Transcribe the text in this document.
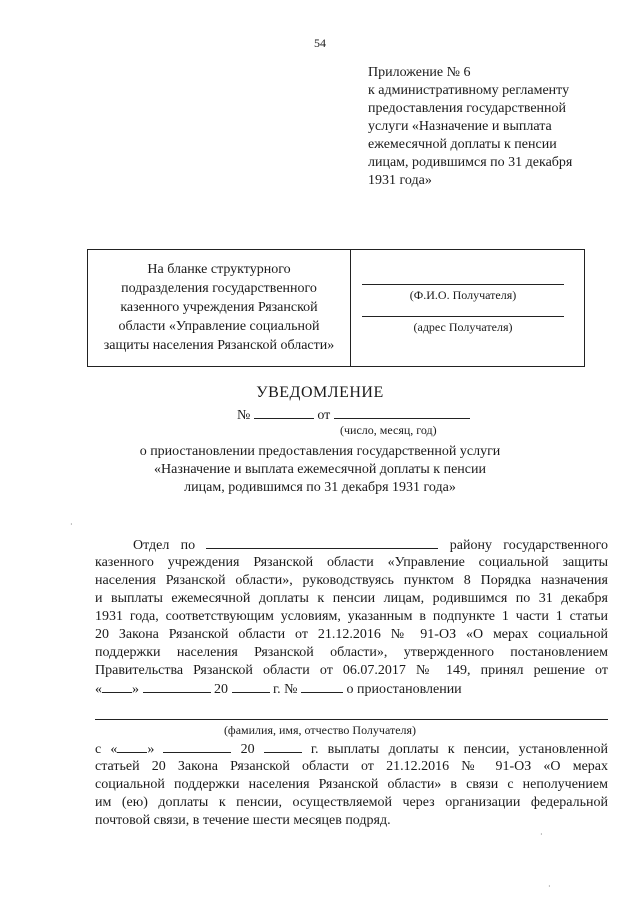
54
Приложение № 6
к административному регламенту
предоставления государственной
услуги «Назначение и выплата
ежемесячной доплаты к пенсии
лицам, родившимся по 31 декабря
1931 года»
На бланке структурного
подразделения государственного
казенного учреждения Рязанской
области «Управление социальной
защиты населения Рязанской области»
(Ф.И.О. Получателя)
(адрес Получателя)
УВЕДОМЛЕНИЕ
№	от
(число, месяц, год)
о приостановлении предоставления государственной услуги
«Назначение и выплата ежемесячной доплаты к пенсии
лицам, родившимся по 31 декабря 1931 года»
Отдел по	району государственного
казенного учреждения Рязанской области «Управление социальной защиты
населения Рязанской области», руководствуясь пунктом 8 Порядка назначения
и выплаты ежемесячной доплаты к пенсии лицам, родившимся по 31 декабря
1931 года, соответствующим условиям, указанным в подпункте 1 части 1 статьи
20 Закона Рязанской области от 21.12.2016 № 91-ОЗ «О мерах социальной
поддержки населения Рязанской области», утвержденного постановлением
Правительства Рязанской области от 06.07.2017 № 149, принял решение от
« »	20	г. №	о приостановлении
(фамилия, имя, отчество Получателя)
с « »	20	г. выплаты доплаты к пенсии, установленной
статьей 20 Закона Рязанской области от 21.12.2016 № 91-ОЗ «О мерах
социальной поддержки населения Рязанской области» в связи с неполучением
им (ею) доплаты к пенсии, осуществляемой через организации федеральной
почтовой связи, в течение шести месяцев подряд.
·
·
·
